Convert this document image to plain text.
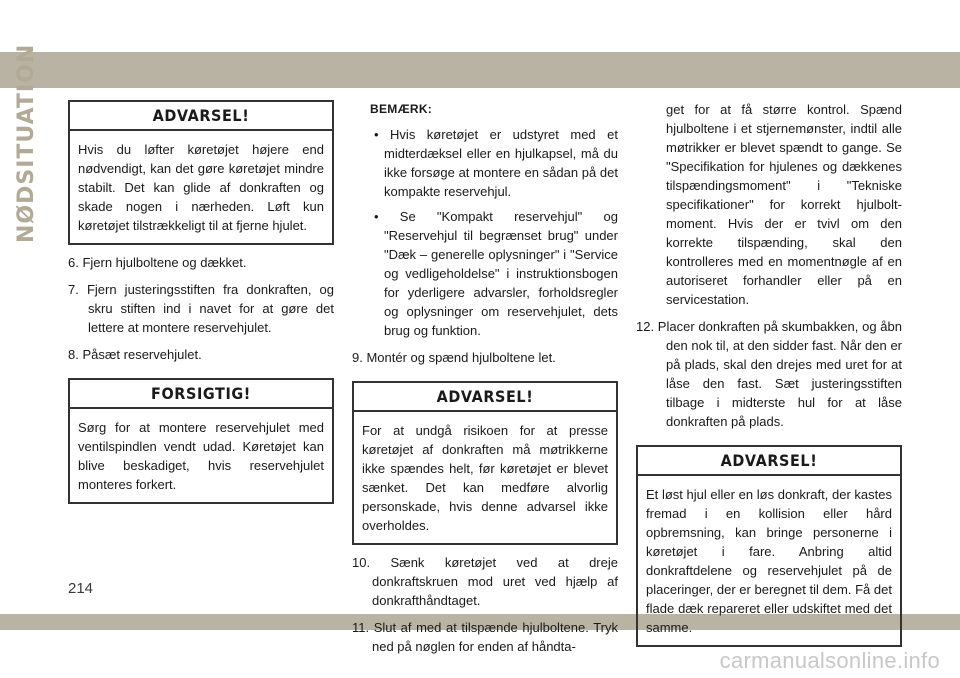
NØDSITUATION	ADVARSEL!
Hvis du løfter køretøjet højere end nødvendigt, kan det gøre køretøjet mindre stabilt. Det kan glide af donkraften og skade nogen i nærheden. Løft kun køretøjet tilstrækkeligt til at fjerne hjulet.

6. Fjern hjulboltene og dækket.

7. Fjern justeringsstiften fra donkraften, og skru stiften ind i navet for at gøre det lettere at montere reservehjulet.

8. Påsæt reservehjulet.

FORSIGTIG!
Sørg for at montere reservehjulet med ventilspindlen vendt udad. Køretøjet kan blive beskadiget, hvis reservehjulet monteres forkert.
BEMÆRK:

• Hvis køretøjet er udstyret med et midterdæksel eller en hjulkapsel, må du ikke forsøge at montere en sådan på det kompakte reservehjul.

• Se "Kompakt reservehjul" og "Reservehjul til begrænset brug" under "Dæk – generelle oplysninger" i "Service og vedligeholdelse" i instruktionsbogen for yderligere advarsler, forholdsregler og oplysninger om reservehjulet, dets brug og funktion.

9. Montér og spænd hjulboltene let.

ADVARSEL!
For at undgå risikoen for at presse køretøjet af donkraften må møtrikkerne ikke spændes helt, før køretøjet er blevet sænket. Det kan medføre alvorlig personskade, hvis denne advarsel ikke overholdes.

10. Sænk køretøjet ved at dreje donkraftskruen mod uret ved hjælp af donkrafthåndtaget.

11. Slut af med at tilspænde hjulboltene. Tryk ned på nøglen for enden af håndta-

get for at få større kontrol. Spænd hjulboltene i et stjernemønster, indtil alle møtrikker er blevet spændt to gange. Se "Specifikation for hjulenes og dækkenes tilspændingsmoment" i "Tekniske specifikationer" for korrekt hjulbolt-moment. Hvis der er tvivl om den korrekte tilspænding, skal den kontrolleres med en momentnøgle af en autoriseret forhandler eller på en servicestation.

12. Placer donkraften på skumbakken, og åbn den nok til, at den sidder fast. Når den er på plads, skal den drejes med uret for at låse den fast. Sæt justeringsstiften tilbage i midterste hul for at låse donkraften på plads.

ADVARSEL!
Et løst hjul eller en løs donkraft, der kastes fremad i en kollision eller hård opbremsning, kan bringe personerne i køretøjet i fare. Anbring altid donkraftdelene og reservehjulet på de placeringer, der er beregnet til dem. Få det flade dæk repareret eller udskiftet med det samme.
214
carmanualsonline.info
